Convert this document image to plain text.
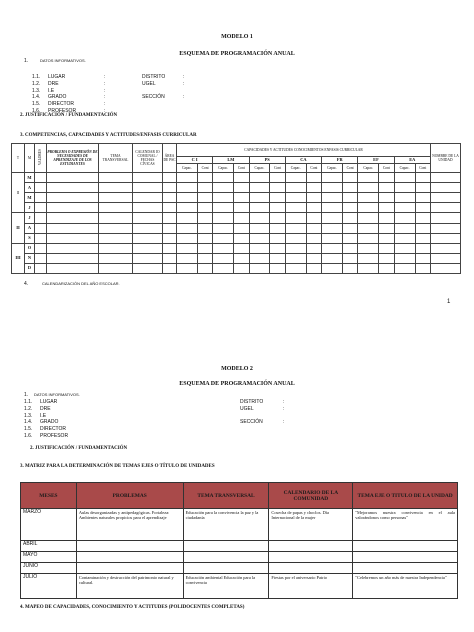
MODELO 1
ESQUEMA DE PROGRAMACIÓN ANUAL
1.	DATOS INFORMATIVOS.
1.1. LUGAR	:	DISTRITO	:
1.2. DRE	:	UGEL	:
1.3. I.E	:
1.4. GRADO	:	SECCIÓN	:
1.5. DIRECTOR	:
1.6. PROFESOR	:
2. JUSTIFICACIÓN / FUNDAMENTACIÓN
3. COMPETENCIAS, CAPACIDADES Y ACTITUDES/ENFASIS CURRICULAR
T	M	VALORES	PROBLEMA O EXPRESIÓN DE NECESIDADES DE APRENDIZAJE DE LOS ESTUDIANTES	TEMA TRANSVERSAL	CALENDAR IO COMUNAL / FECHAS CÍVICAS	ÁREA DE PSC	CAPACIDADES Y ACTITUDES CONOCIMIENTOS ENFASIS CURRICULAR														NOMBRE DE LA UNIDAD
							C I		LM		PS		CA		FR		EF		EA		
							Capac.	Cont	Capac.	Cont	Capac.	Cont	Capac.	Cont	Capac.	Cont	Capac.	Cont	Capac.	Cont	
I	M																				
	A																				
	M																				
	J																				
II	J																				
	A																				
	S																				
III	O																				
	N																				
	D																				
4.	CALENDARIZACIÓN DEL AÑO ESCOLAR.
1
MODELO 2
ESQUEMA DE PROGRAMACIÓN ANUAL
1. DATOS INFORMATIVOS.
1.1. LUGAR	DISTRITO	:
1.2. DRE	UGEL	:
1.3. I.E
1.4. GRADO	SECCIÓN	:
1.5. DIRECTOR
1.6. PROFESOR
2. JUSTIFICACIÓN / FUNDAMENTACIÓN
3. MATRIZ PARA LA DETERMINACIÓN DE TEMAS EJES O TÍTULO DE UNIDADES
MESES	PROBLEMAS	TEMA TRANSVERSAL	CALENDARIO DE LA COMUNIDAD	TEMA EJE O TITULO DE LA UNIDAD
MARZO	Aulas desorganizadas y antipedagógicas. Fortaleza: Ambientes naturales propicios para el aprendizaje	Educación para la convivencia la paz y la ciudadanía	Cosecha de papas y choclos. Día Internacional de la mujer	"Mejoramos nuestra convivencia en el aula valorándonos como personas"
ABRIL				
MAYO				
JUNIO				
JULIO	Contaminación y destrucción del patrimonio natural y cultural.	Educación ambiental Educación para la convivencia	Fiestas por el aniversario Patrio	"Celebremos un año más de nuestra Independencia"
4. MAPEO DE CAPACIDADES, CONOCIMIENTO Y ACTITUDES (POLIDOCENTES COMPLETAS)
